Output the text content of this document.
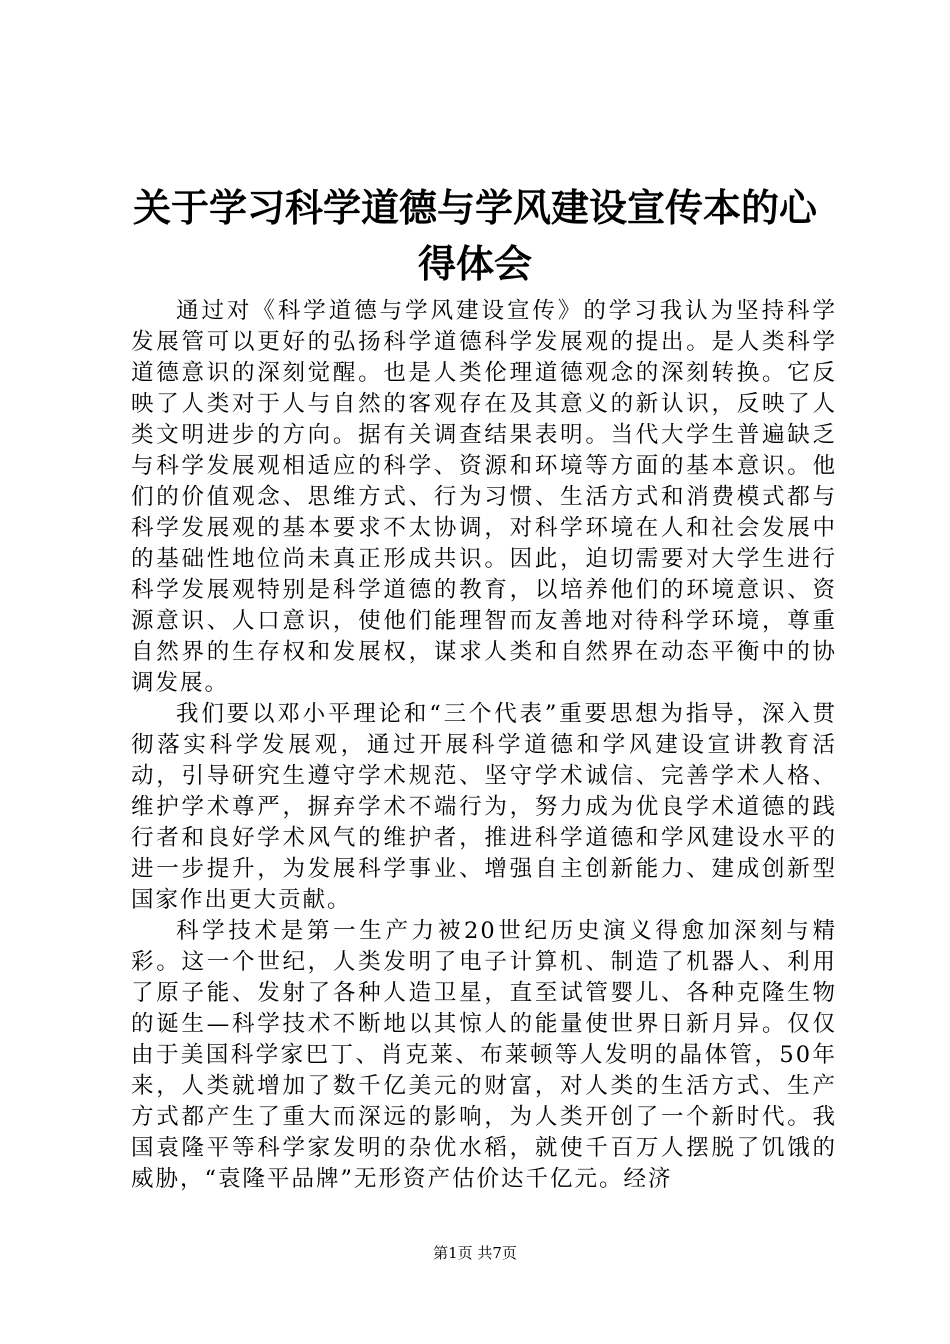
关于学习科学道德与学风建设宣传本的心得体会

通过对《科学道德与学风建设宣传》的学习我认为坚持科学发展管可以更好的弘扬科学道德科学发展观的提出。是人类科学道德意识的深刻觉醒。也是人类伦理道德观念的深刻转换。它反映了人类对于人与自然的客观存在及其意义的新认识，反映了人类文明进步的方向。据有关调查结果表明。当代大学生普遍缺乏与科学发展观相适应的科学、资源和环境等方面的基本意识。他们的价值观念、思维方式、行为习惯、生活方式和消费模式都与科学发展观的基本要求不太协调，对科学环境在人和社会发展中的基础性地位尚未真正形成共识。因此，迫切需要对大学生进行科学发展观特别是科学道德的教育，以培养他们的环境意识、资源意识、人口意识，使他们能理智而友善地对待科学环境，尊重自然界的生存权和发展权，谋求人类和自然界在动态平衡中的协调发展。

我们要以邓小平理论和“三个代表”重要思想为指导，深入贯彻落实科学发展观，通过开展科学道德和学风建设宣讲教育活动，引导研究生遵守学术规范、坚守学术诚信、完善学术人格、维护学术尊严，摒弃学术不端行为，努力成为优良学术道德的践行者和良好学术风气的维护者，推进科学道德和学风建设水平的进一步提升，为发展科学事业、增强自主创新能力、建成创新型国家作出更大贡献。

科学技术是第一生产力被20世纪历史演义得愈加深刻与精彩。这一个世纪，人类发明了电子计算机、制造了机器人、利用了原子能、发射了各种人造卫星，直至试管婴儿、各种克隆生物的诞生—科学技术不断地以其惊人的能量使世界日新月异。仅仅由于美国科学家巴丁、肖克莱、布莱顿等人发明的晶体管，50年来，人类就增加了数千亿美元的财富，对人类的生活方式、生产方式都产生了重大而深远的影响，为人类开创了一个新时代。我国袁隆平等科学家发明的杂优水稻，就使千百万人摆脱了饥饿的威胁，“袁隆平品牌”无形资产估价达千亿元。经济

第1页 共7页
